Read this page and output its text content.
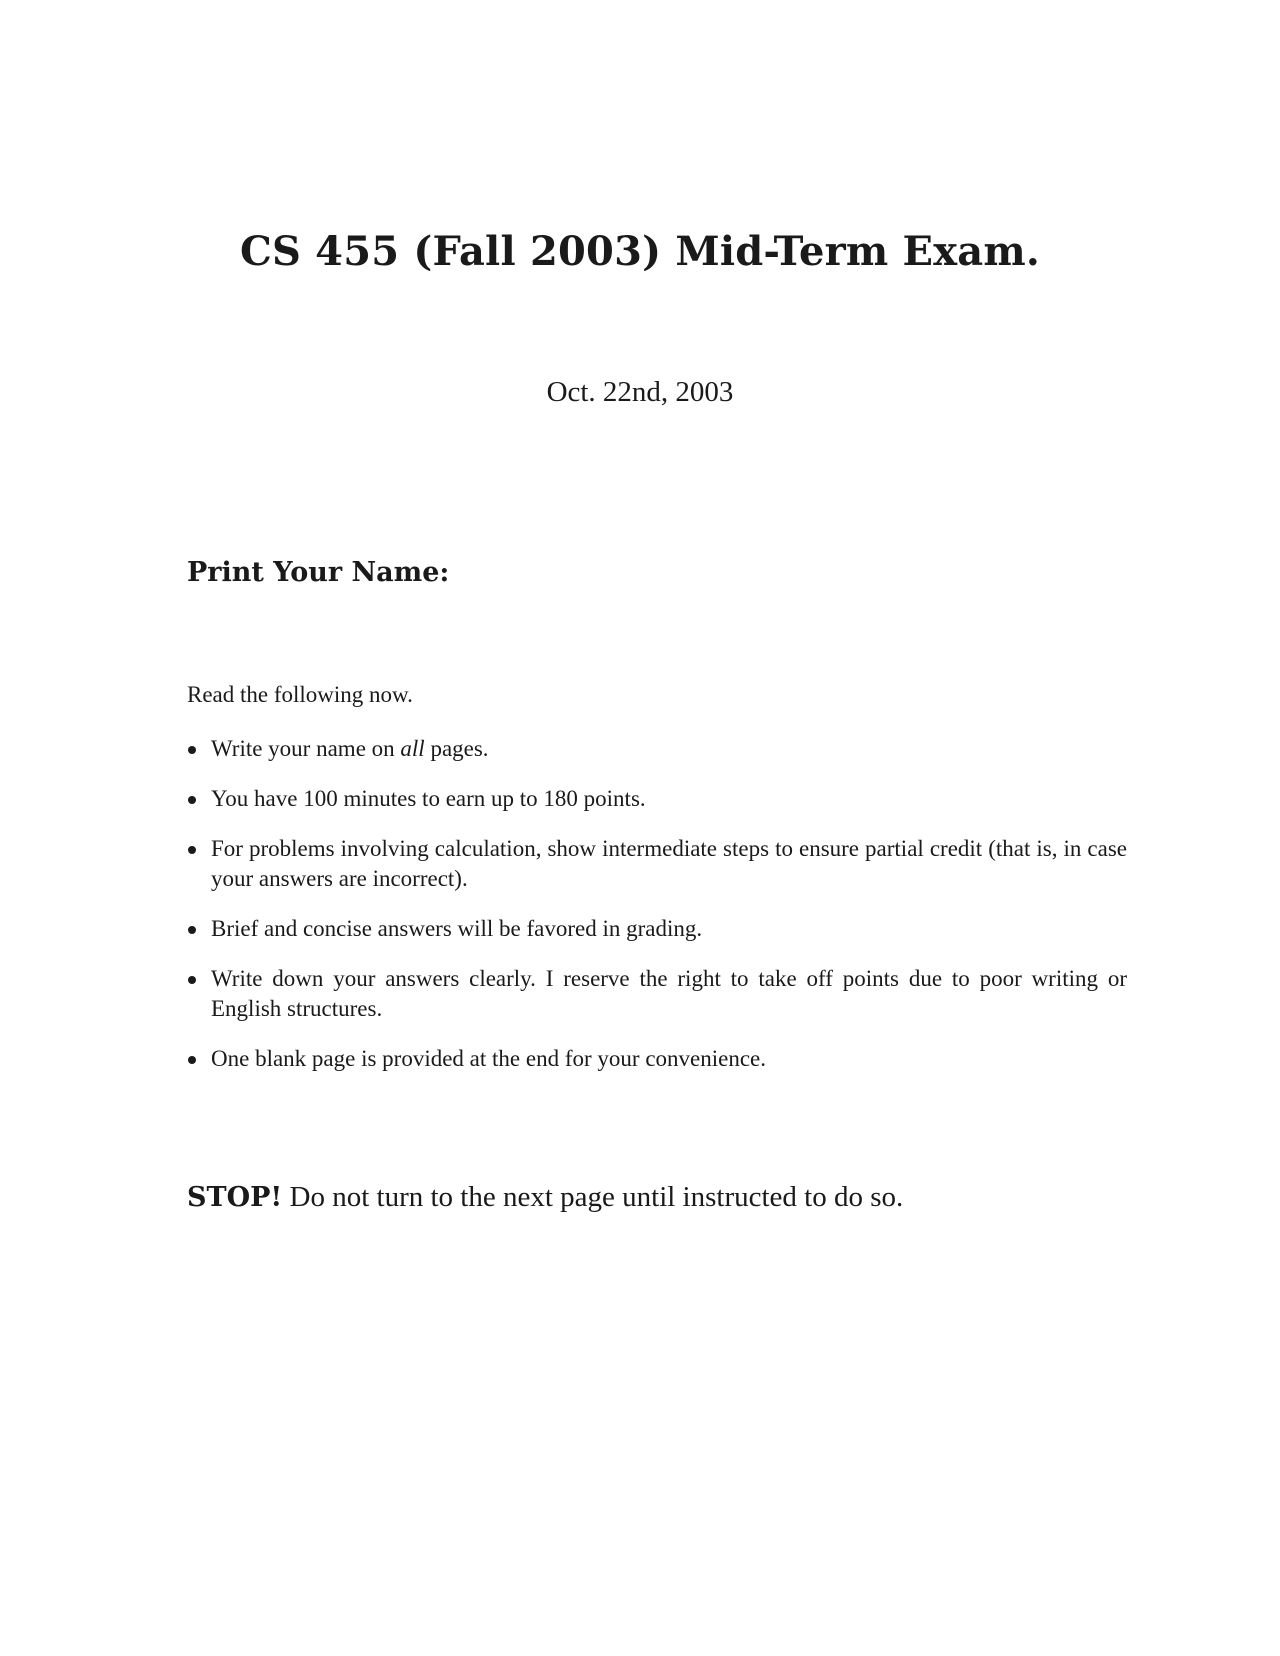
CS 455 (Fall 2003) Mid-Term Exam.
Oct. 22nd, 2003
Print Your Name:
Read the following now.
Write your name on all pages.
You have 100 minutes to earn up to 180 points.
For problems involving calculation, show intermediate steps to ensure partial credit (that is, in case your answers are incorrect).
Brief and concise answers will be favored in grading.
Write down your answers clearly. I reserve the right to take off points due to poor writing or English structures.
One blank page is provided at the end for your convenience.
STOP! Do not turn to the next page until instructed to do so.
